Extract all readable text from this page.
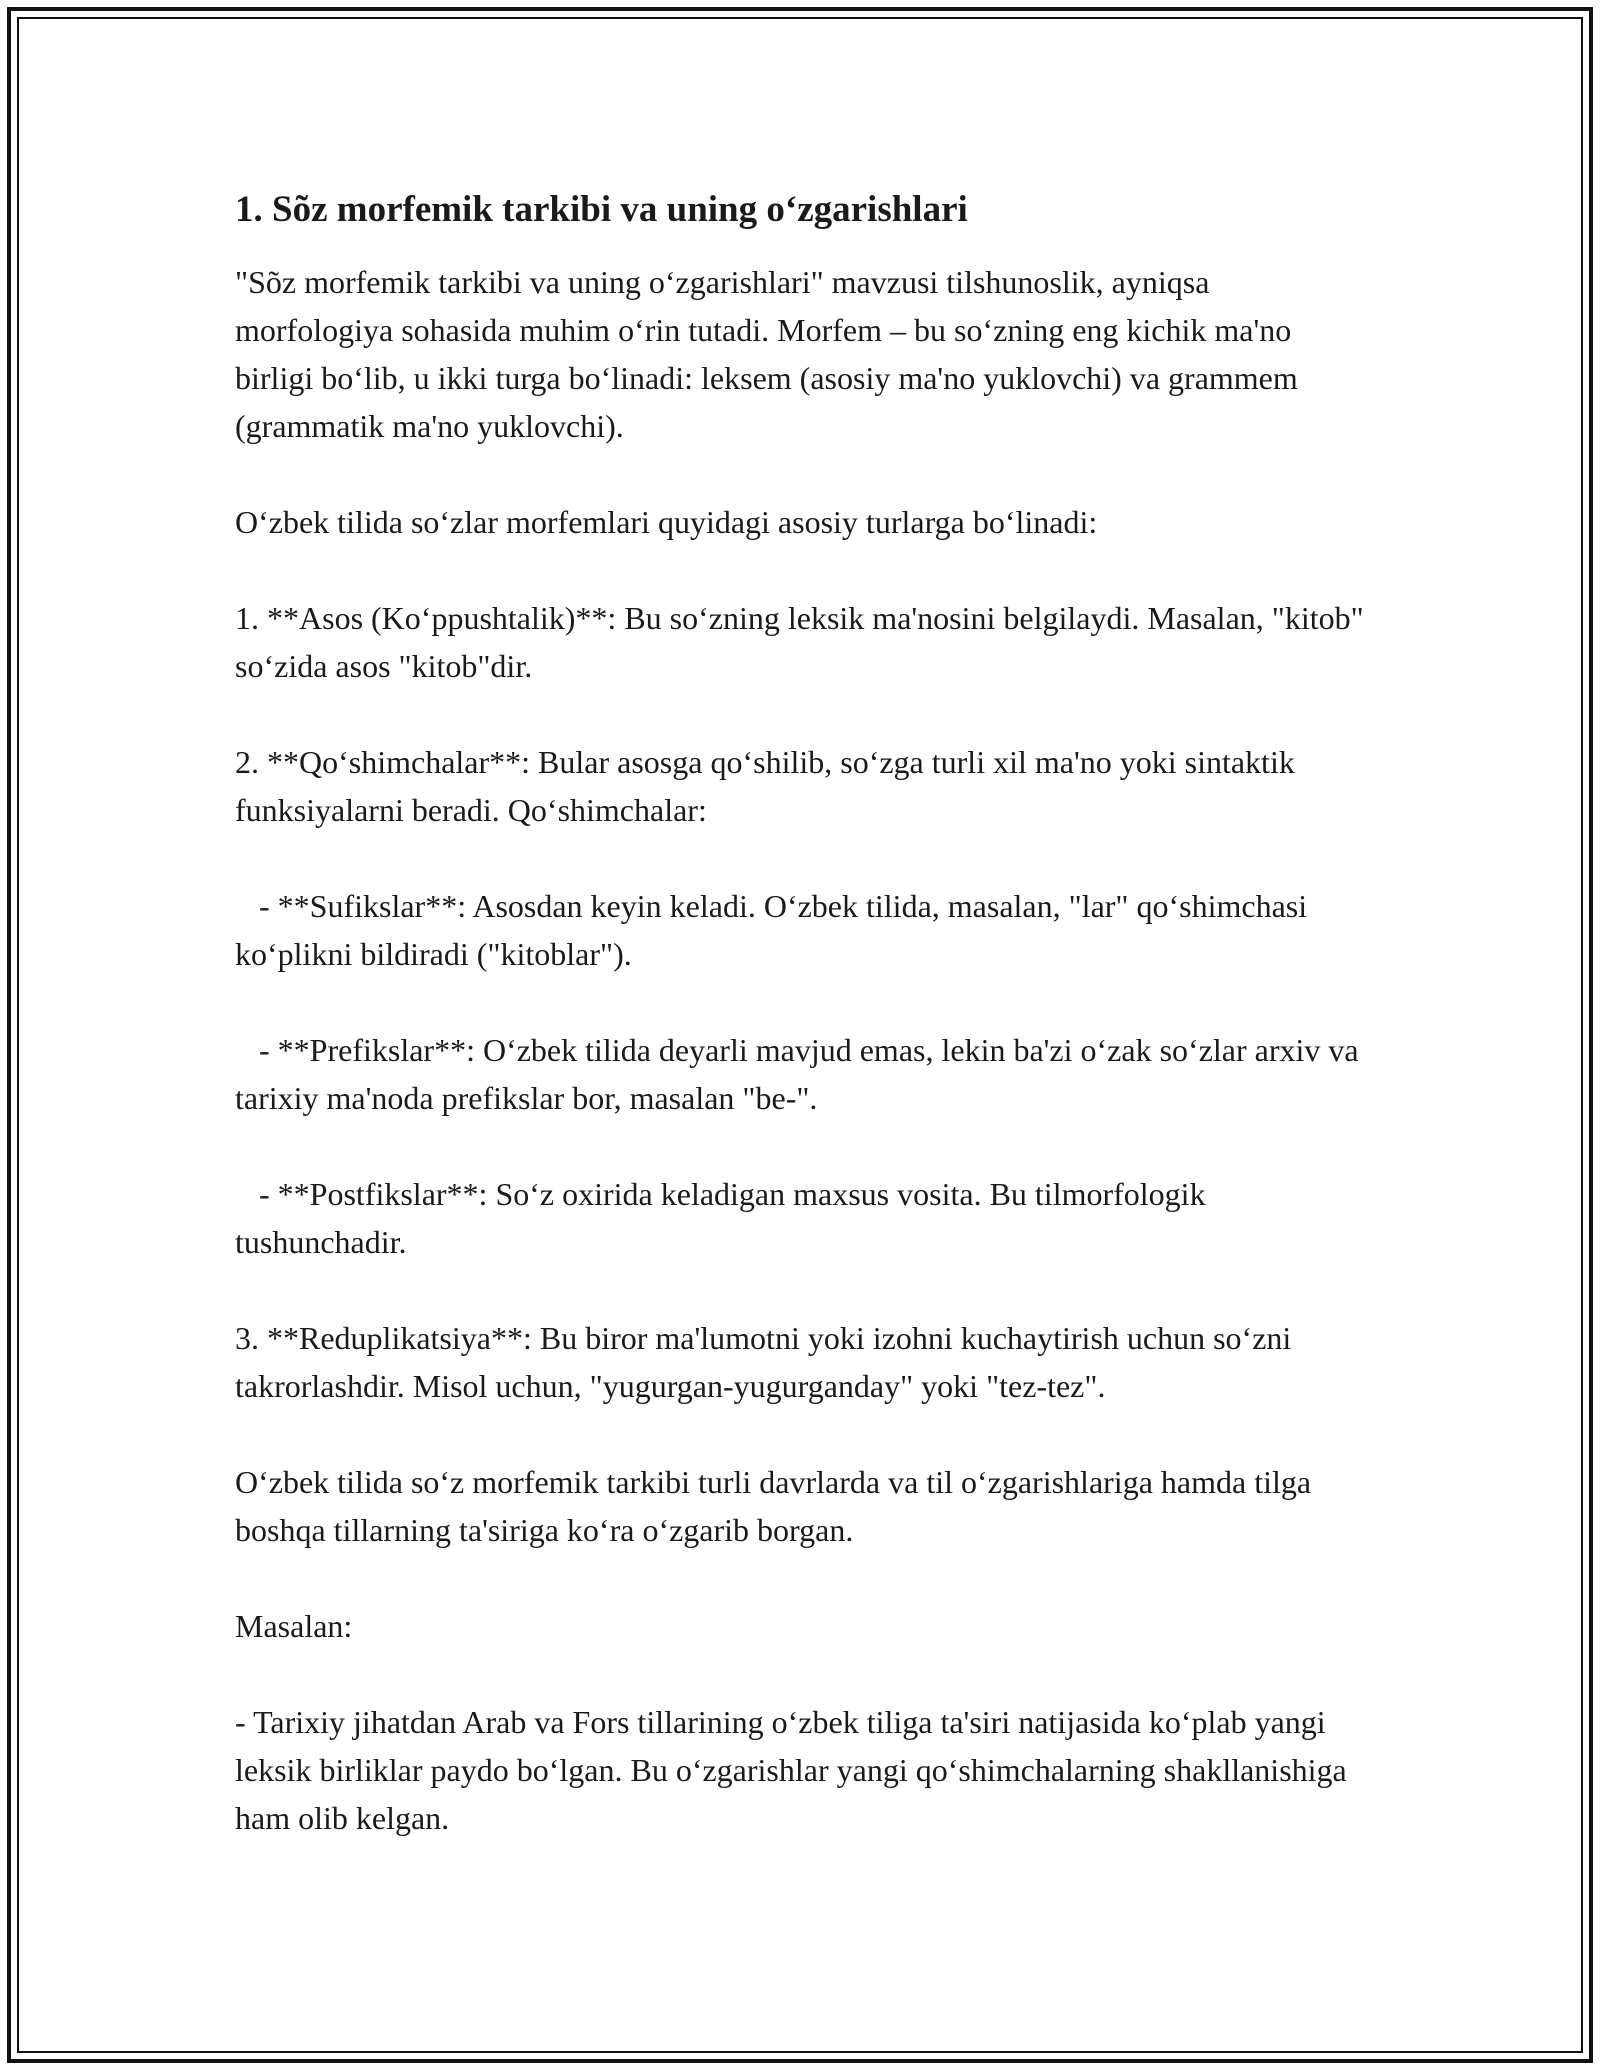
1. Sõz morfemik tarkibi va uning o‘zgarishlari

"Sõz morfemik tarkibi va uning o‘zgarishlari" mavzusi tilshunoslik, ayniqsa morfologiya sohasida muhim o‘rin tutadi. Morfem – bu so‘zning eng kichik ma'no birligi bo‘lib, u ikki turga bo‘linadi: leksem (asosiy ma'no yuklovchi) va grammem (grammatik ma'no yuklovchi).

O‘zbek tilida so‘zlar morfemlari quyidagi asosiy turlarga bo‘linadi:

1. **Asos (Ko‘ppushtalik)**: Bu so‘zning leksik ma'nosini belgilaydi. Masalan, "kitob" so‘zida asos "kitob"dir.

2. **Qo‘shimchalar**: Bular asosga qo‘shilib, so‘zga turli xil ma'no yoki sintaktik funksiyalarni beradi. Qo‘shimchalar:

- **Sufikslar**: Asosdan keyin keladi. O‘zbek tilida, masalan, "lar" qo‘shimchasi ko‘plikni bildiradi ("kitoblar").

- **Prefikslar**: O‘zbek tilida deyarli mavjud emas, lekin ba'zi o‘zak so‘zlar arxiv va tarixiy ma'noda prefikslar bor, masalan "be-".

- **Postfikslar**: So‘z oxirida keladigan maxsus vosita. Bu tilmorfologik tushunchadir.

3. **Reduplikatsiya**: Bu biror ma'lumotni yoki izohni kuchaytirish uchun so‘zni takrorlashdir. Misol uchun, "yugurgan-yugurganday" yoki "tez-tez".

O‘zbek tilida so‘z morfemik tarkibi turli davrlarda va til o‘zgarishlariga hamda tilga boshqa tillarning ta'siriga ko‘ra o‘zgarib borgan.

Masalan:

- Tarixiy jihatdan Arab va Fors tillarining o‘zbek tiliga ta'siri natijasida ko‘plab yangi leksik birliklar paydo bo‘lgan. Bu o‘zgarishlar yangi qo‘shimchalarning shakllanishiga ham olib kelgan.
